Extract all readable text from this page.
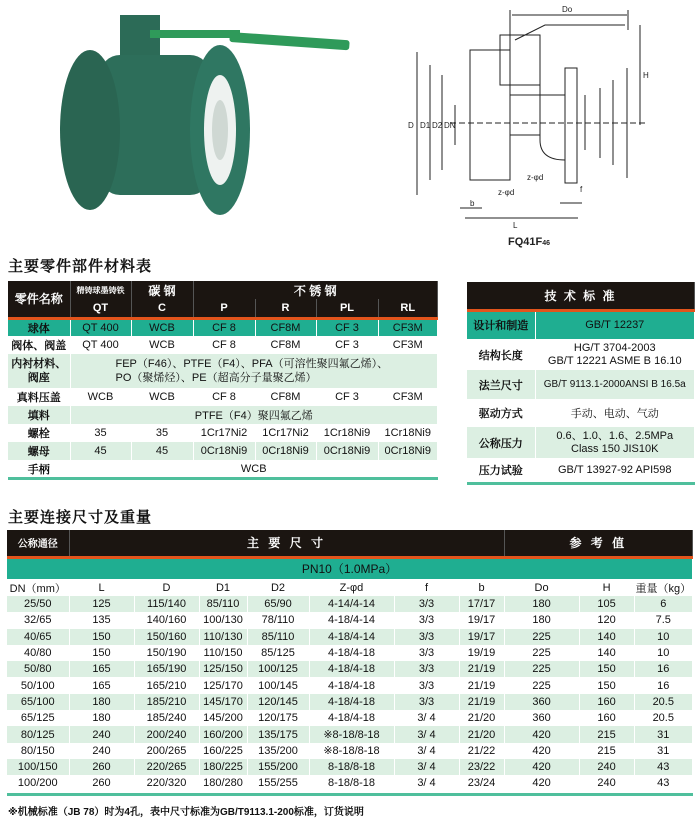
Do
H
D D1 D2 DN
L
b
f
z-φd
z-φd
FQ41F46
主要零件部件材料表
零件名称	精铸球墨铸铁	碳 钢	不 锈 钢			
	QT	C	P	R	PL	RL
球体	QT 400	WCB	CF 8	CF8M	CF 3	CF3M
阀体、阀盖	QT 400	WCB	CF 8	CF8M	CF 3	CF3M
内衬材料、阀座	FEP（F46）、PTFE（F4）、PFA（可溶性聚四氟乙烯）、
PO（聚烯烃）、PE（超高分子量聚乙烯）					

真料压盖	WCB	WCB	CF 8	CF8M	CF 3	CF3M
填料	PTFE（F4）聚四氟乙烯					
螺栓	35	35	1Cr17Ni2	1Cr17Ni2	1Cr18Ni9	1Cr18Ni9
螺母	45	45	0Cr18Ni9	0Cr18Ni9	0Cr18Ni9	0Cr18Ni9
手柄	WCB					
技 术 标 准	
设计和制造	GB/T 12237
结构长度	HG/T 3704-2003
GB/T 12221 ASME B 16.10

法兰尺寸	GB/T 9113.1-2000ANSI B 16.5a
驱动方式	手动、电动、气动
公称压力	0.6、1.0、1.6、2.5MPa
Class 150 JIS10K

压力试验	GB/T 13927-92 API598
主要连接尺寸及重量
公称通径	主 要 尺 寸							参 考 值		
PN10（1.0MPa）										
DN（mm）	L	D	D1	D2	Z-φd	f	b	Do	H	重量（kg）
25/50	125	115/140	85/110	65/90	4-14/4-14	3/3	17/17	180	105	6
32/65	135	140/160	100/130	78/110	4-18/4-14	3/3	19/17	180	120	7.5
40/65	150	150/160	110/130	85/110	4-18/4-14	3/3	19/17	225	140	10
40/80	150	150/190	110/150	85/125	4-18/4-18	3/3	19/19	225	140	10
50/80	165	165/190	125/150	100/125	4-18/4-18	3/3	21/19	225	150	16
50/100	165	165/210	125/170	100/145	4-18/4-18	3/3	21/19	225	150	16
65/100	180	185/210	145/170	120/145	4-18/4-18	3/3	21/19	360	160	20.5
65/125	180	185/240	145/200	120/175	4-18/4-18	3/ 4	21/20	360	160	20.5
80/125	240	200/240	160/200	135/175	※8-18/8-18	3/ 4	21/20	420	215	31
80/150	240	200/265	160/225	135/200	※8-18/8-18	3/ 4	21/22	420	215	31
100/150	260	220/265	180/225	155/200	8-18/8-18	3/ 4	23/22	420	240	43
100/200	260	220/320	180/280	155/255	8-18/8-18	3/ 4	23/24	420	240	43
※机械标准（JB 78）时为4孔，表中尺寸标准为GB/T9113.1-200标准，订货说明
